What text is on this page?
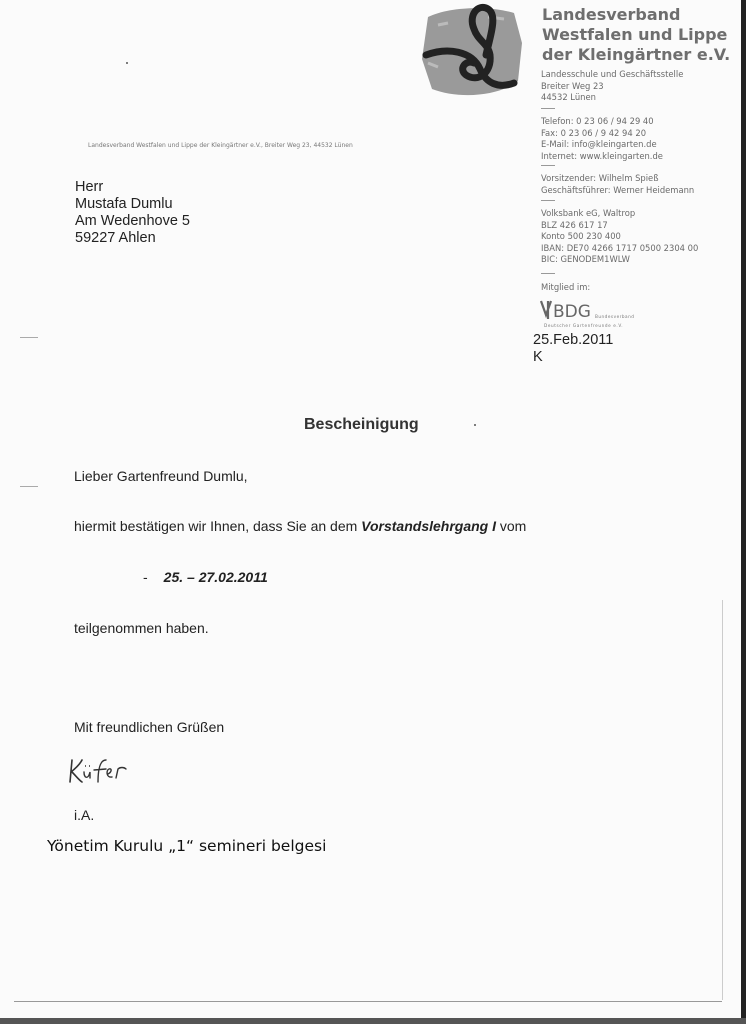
Landesverband
Westfalen und Lippe
der Kleingärtner e.V.
Landesschule und Geschäftsstelle
Breiter Weg 23
44532 Lünen
Telefon: 0 23 06 / 94 29 40
Fax: 0 23 06 / 9 42 94 20
E-Mail: info@kleingarten.de
Internet: www.kleingarten.de
Vorsitzender: Wilhelm Spieß
Geschäftsführer: Werner Heidemann
Volksbank eG, Waltrop
BLZ 426 617 17
Konto 500 230 400
IBAN: DE70 4266 1717 0500 2304 00
BIC: GENODEM1WLW
Mitglied im:
BDG Bundesverband
Deutscher Gartenfreunde e.V.
Landesverband Westfalen und Lippe der Kleingärtner e.V., Breiter Weg 23, 44532 Lünen
Herr
Mustafa Dumlu
Am Wedenhove 5
59227 Ahlen
25.Feb.2011
K
Bescheinigung
Lieber Gartenfreund Dumlu,
hiermit bestätigen wir Ihnen, dass Sie an dem Vorstandslehrgang I vom
- 25. – 27.02.2011
teilgenommen haben.
Mit freundlichen Grüßen
i.A.
Yönetim Kurulu „1“ semineri belgesi
